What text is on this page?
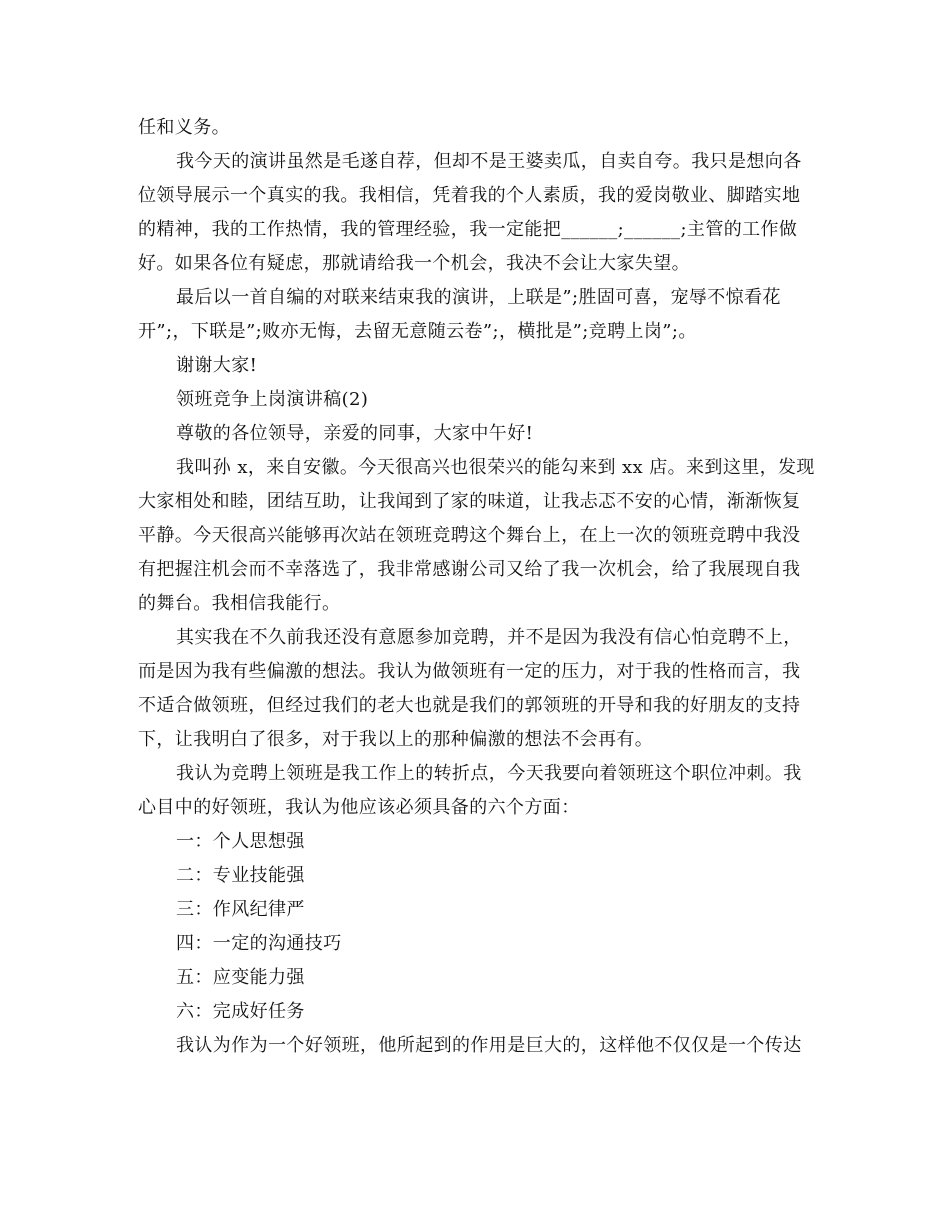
任和义务。
我今天的演讲虽然是毛遂自荐，但却不是王婆卖瓜，自卖自夸。我只是想向各
位领导展示一个真实的我。我相信，凭着我的个人素质，我的爱岗敬业、脚踏实地
的精神，我的工作热情，我的管理经验，我一定能把______;______;主管的工作做
好。如果各位有疑虑，那就请给我一个机会，我决不会让大家失望。
最后以一首自编的对联来结束我的演讲，上联是”;胜固可喜，宠辱不惊看花
开”;，下联是”;败亦无悔，去留无意随云卷”;，横批是”;竞聘上岗”;。
谢谢大家!
领班竞争上岗演讲稿(2)
尊敬的各位领导，亲爱的同事，大家中午好!
我叫孙 x，来自安徽。今天很高兴也很荣兴的能勾来到 xx 店。来到这里，发现
大家相处和睦，团结互助，让我闻到了家的味道，让我忐忑不安的心情，渐渐恢复
平静。今天很高兴能够再次站在领班竞聘这个舞台上，在上一次的领班竞聘中我没
有把握注机会而不幸落选了，我非常感谢公司又给了我一次机会，给了我展现自我
的舞台。我相信我能行。
其实我在不久前我还没有意愿参加竞聘，并不是因为我没有信心怕竞聘不上，
而是因为我有些偏激的想法。我认为做领班有一定的压力，对于我的性格而言，我
不适合做领班，但经过我们的老大也就是我们的郭领班的开导和我的好朋友的支持
下，让我明白了很多，对于我以上的那种偏激的想法不会再有。
我认为竞聘上领班是我工作上的转折点，今天我要向着领班这个职位冲刺。我
心目中的好领班，我认为他应该必须具备的六个方面：
一：个人思想强
二：专业技能强
三：作风纪律严
四：一定的沟通技巧
五：应变能力强
六：完成好任务
我认为作为一个好领班，他所起到的作用是巨大的，这样他不仅仅是一个传达
